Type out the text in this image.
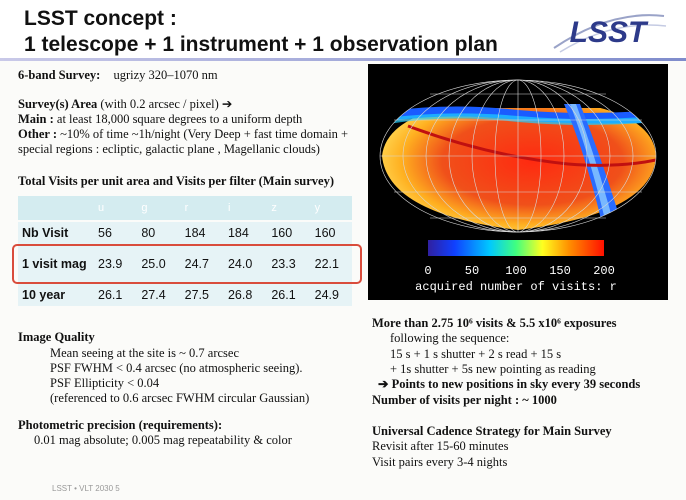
LSST concept :
1 telescope + 1 instrument + 1 observation plan LSST
6-band Survey: ugrizy 320–1070 nm
Survey(s) Area (with 0.2 arcsec / pixel) ➔
Main : at least 18,000 square degrees to a uniform depth
Other : ~10% of time ~1h/night (Very Deep + fast time domain +
special regions : ecliptic, galactic plane , Magellanic clouds)
Total Visits per unit area and Visits per filter (Main survey)
	u	g	r	i	z	y
Nb Visit	56	80	184	184	160	160
1 visit mag	23.9	25.0	24.7	24.0	23.3	22.1
10 year	26.1	27.4	27.5	26.8	26.1	24.9
Image Quality
Mean seeing at the site is ~ 0.7 arcsec
PSF FWHM < 0.4 arcsec (no atmospheric seeing).
PSF Ellipticity < 0.04
(referenced to 0.6 arcsec FWHM circular Gaussian)
Photometric precision (requirements):
0.01 mag absolute; 0.005 mag repeatability & color
0	50 100 150 200
acquired number of visits: r
More than 2.75 10⁶ visits & 5.5 x10⁶ exposures
following the sequence:
15 s + 1 s shutter + 2 s read + 15 s
+ 1s shutter + 5s new pointing as reading
➔ Points to new positions in sky every 39 seconds
Number of visits per night : ~ 1000
Universal Cadence Strategy for Main Survey
Revisit after 15-60 minutes
Visit pairs every 3-4 nights
LSST • VLT 2030 5
